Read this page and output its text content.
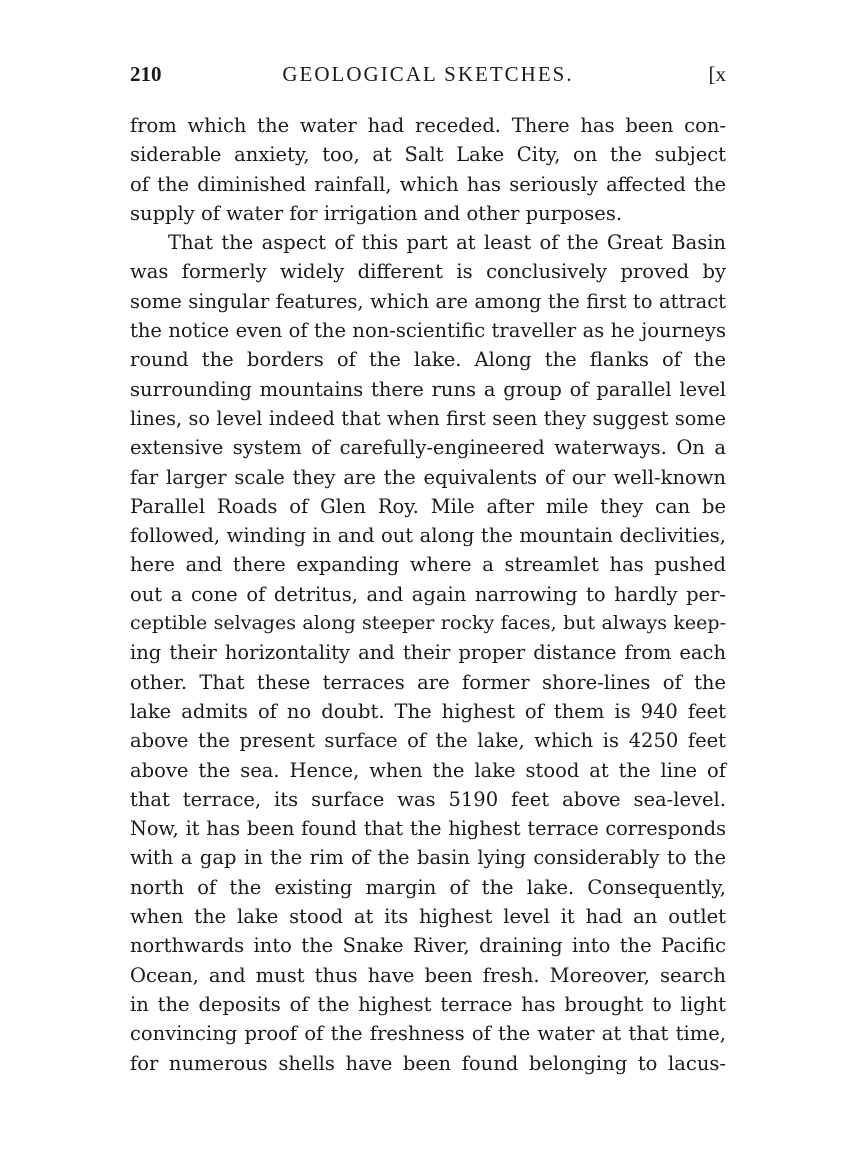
210	GEOLOGICAL SKETCHES.	[x
from which the water had receded. There has been con-
siderable anxiety, too, at Salt Lake City, on the subject
of the diminished rainfall, which has seriously affected the
supply of water for irrigation and other purposes.
That the aspect of this part at least of the Great Basin
was formerly widely different is conclusively proved by
some singular features, which are among the first to attract
the notice even of the non-scientific traveller as he journeys
round the borders of the lake. Along the flanks of the
surrounding mountains there runs a group of parallel level
lines, so level indeed that when first seen they suggest some
extensive system of carefully-engineered waterways. On a
far larger scale they are the equivalents of our well-known
Parallel Roads of Glen Roy. Mile after mile they can be
followed, winding in and out along the mountain declivities,
here and there expanding where a streamlet has pushed
out a cone of detritus, and again narrowing to hardly per-
ceptible selvages along steeper rocky faces, but always keep-
ing their horizontality and their proper distance from each
other. That these terraces are former shore-lines of the
lake admits of no doubt. The highest of them is 940 feet
above the present surface of the lake, which is 4250 feet
above the sea. Hence, when the lake stood at the line of
that terrace, its surface was 5190 feet above sea-level.
Now, it has been found that the highest terrace corresponds
with a gap in the rim of the basin lying considerably to the
north of the existing margin of the lake. Consequently,
when the lake stood at its highest level it had an outlet
northwards into the Snake River, draining into the Pacific
Ocean, and must thus have been fresh. Moreover, search
in the deposits of the highest terrace has brought to light
convincing proof of the freshness of the water at that time,
for numerous shells have been found belonging to lacus-
